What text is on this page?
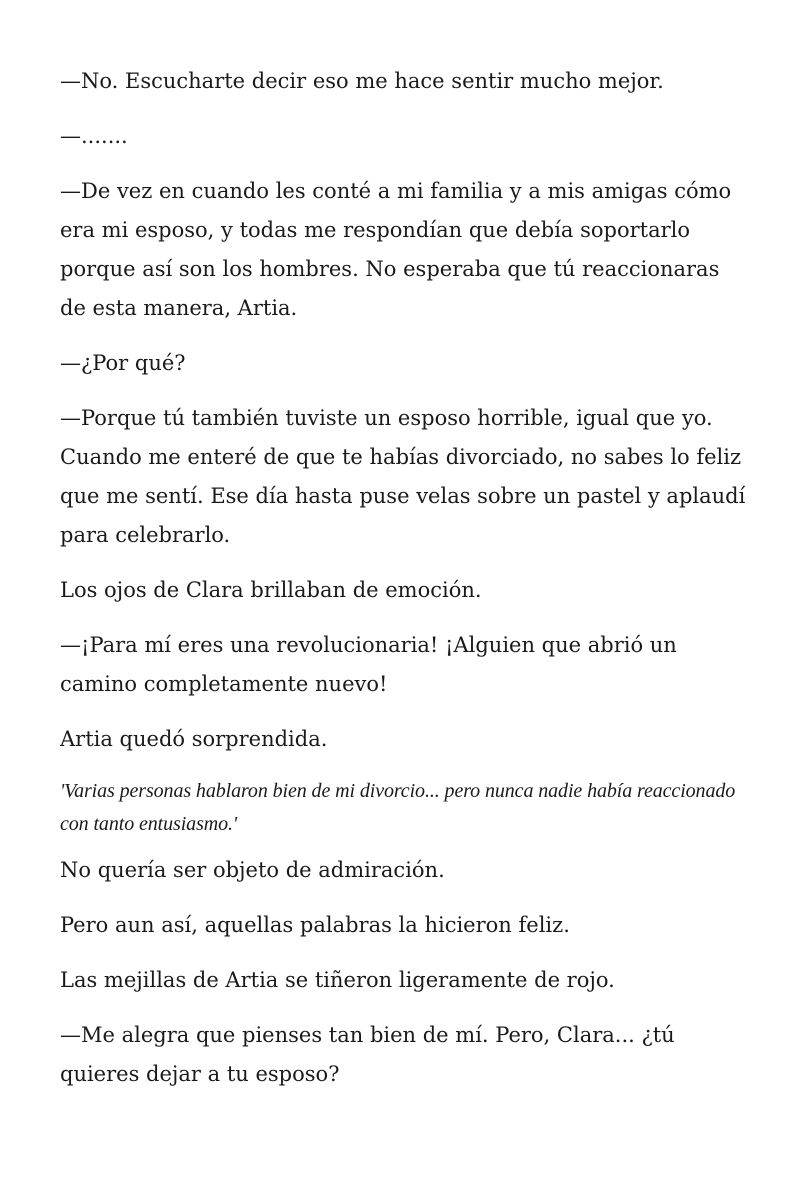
—No. Escucharte decir eso me hace sentir mucho mejor.

—.......

—De vez en cuando les conté a mi familia y a mis amigas cómo era mi esposo, y todas me respondían que debía soportarlo porque así son los hombres. No esperaba que tú reaccionaras de esta manera, Artia.

—¿Por qué?

—Porque tú también tuviste un esposo horrible, igual que yo. Cuando me enteré de que te habías divorciado, no sabes lo feliz que me sentí. Ese día hasta puse velas sobre un pastel y aplaudí para celebrarlo.

Los ojos de Clara brillaban de emoción.

—¡Para mí eres una revolucionaria! ¡Alguien que abrió un camino completamente nuevo!

Artia quedó sorprendida.

'Varias personas hablaron bien de mi divorcio... pero nunca nadie había reaccionado con tanto entusiasmo.'

No quería ser objeto de admiración.

Pero aun así, aquellas palabras la hicieron feliz.

Las mejillas de Artia se tiñeron ligeramente de rojo.

—Me alegra que pienses tan bien de mí. Pero, Clara... ¿tú quieres dejar a tu esposo?
